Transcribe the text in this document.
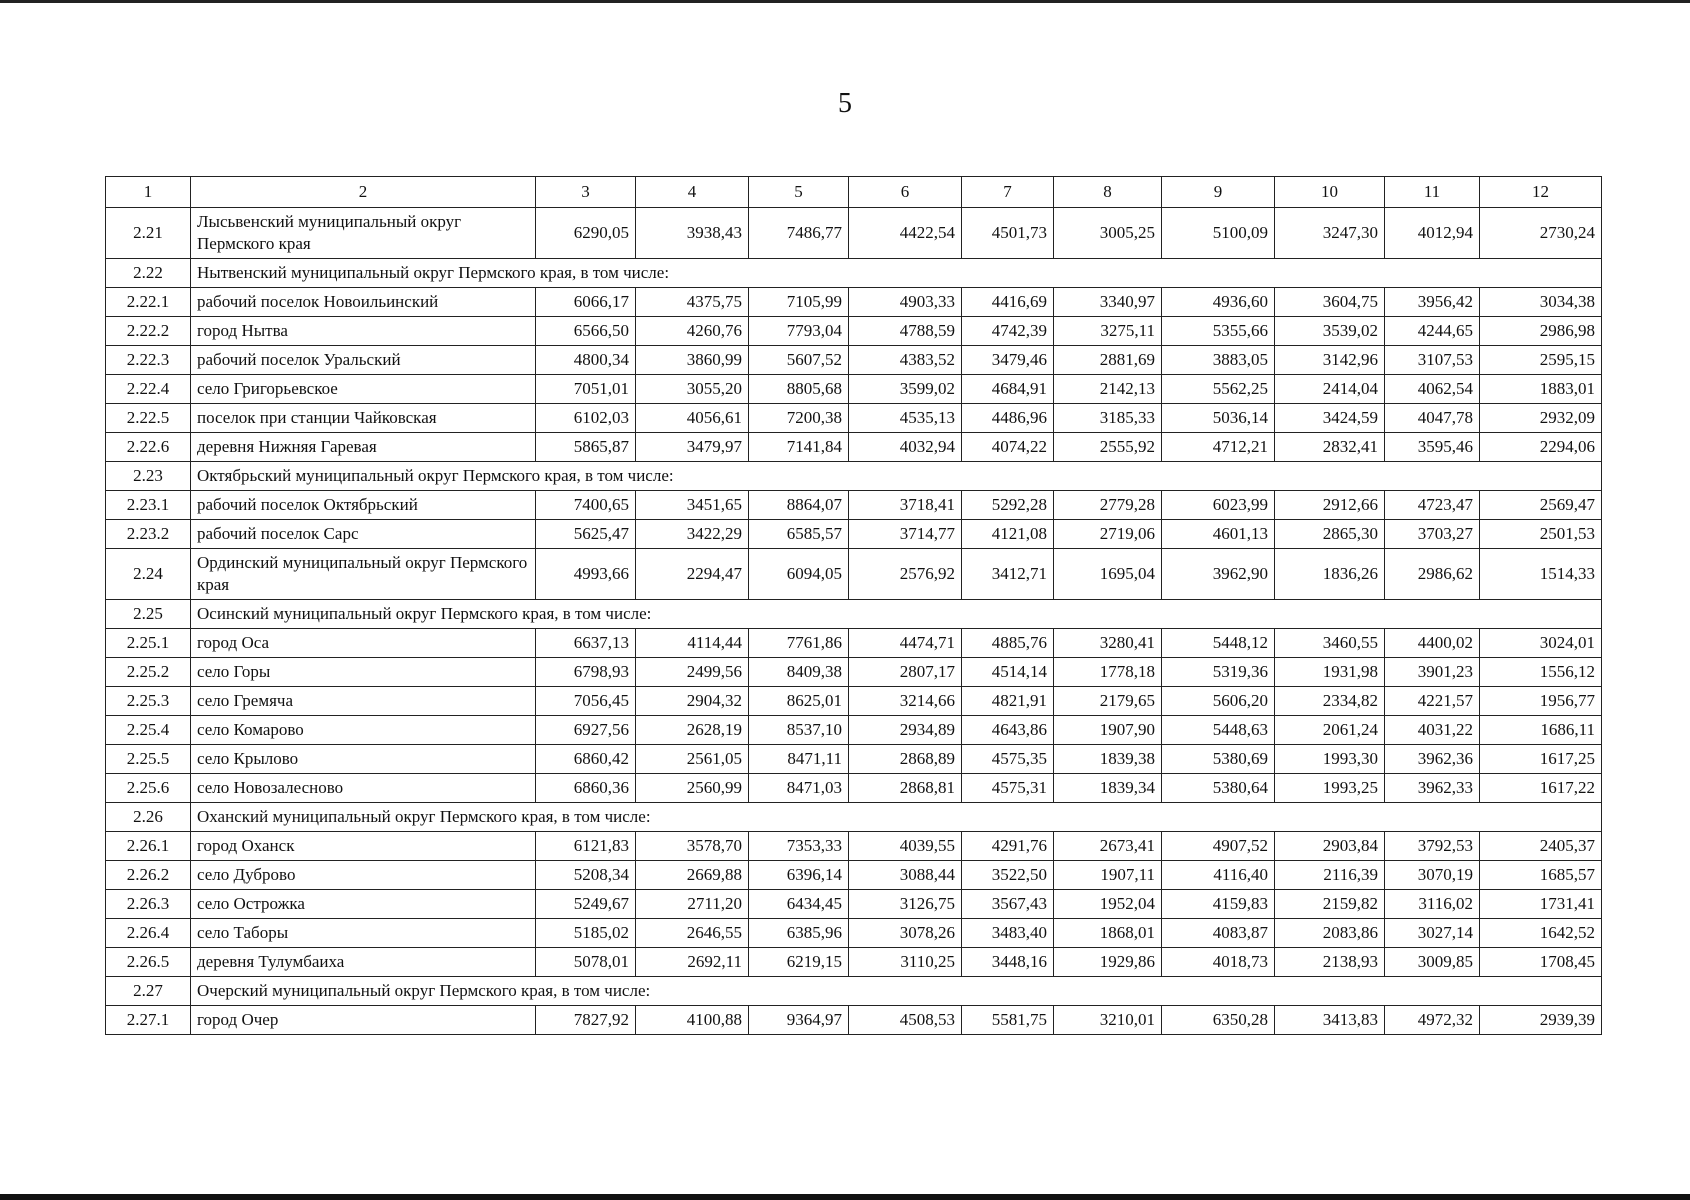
5
1	2	3	4	5	6	7	8	9	10	11	12
2.21	Лысьвенский муниципальный округ Пермского края	6290,05	3938,43	7486,77	4422,54	4501,73	3005,25	5100,09	3247,30	4012,94	2730,24
2.22	Нытвенский муниципальный округ Пермского края, в том числе:										
2.22.1	рабочий поселок Новоильинский	6066,17	4375,75	7105,99	4903,33	4416,69	3340,97	4936,60	3604,75	3956,42	3034,38
2.22.2	город Нытва	6566,50	4260,76	7793,04	4788,59	4742,39	3275,11	5355,66	3539,02	4244,65	2986,98
2.22.3	рабочий поселок Уральский	4800,34	3860,99	5607,52	4383,52	3479,46	2881,69	3883,05	3142,96	3107,53	2595,15
2.22.4	село Григорьевское	7051,01	3055,20	8805,68	3599,02	4684,91	2142,13	5562,25	2414,04	4062,54	1883,01
2.22.5	поселок при станции Чайковская	6102,03	4056,61	7200,38	4535,13	4486,96	3185,33	5036,14	3424,59	4047,78	2932,09
2.22.6	деревня Нижняя Гаревая	5865,87	3479,97	7141,84	4032,94	4074,22	2555,92	4712,21	2832,41	3595,46	2294,06
2.23	Октябрьский муниципальный округ Пермского края, в том числе:										
2.23.1	рабочий поселок Октябрьский	7400,65	3451,65	8864,07	3718,41	5292,28	2779,28	6023,99	2912,66	4723,47	2569,47
2.23.2	рабочий поселок Сарс	5625,47	3422,29	6585,57	3714,77	4121,08	2719,06	4601,13	2865,30	3703,27	2501,53
2.24	Ординский муниципальный округ Пермского края	4993,66	2294,47	6094,05	2576,92	3412,71	1695,04	3962,90	1836,26	2986,62	1514,33
2.25	Осинский муниципальный округ Пермского края, в том числе:										
2.25.1	город Оса	6637,13	4114,44	7761,86	4474,71	4885,76	3280,41	5448,12	3460,55	4400,02	3024,01
2.25.2	село Горы	6798,93	2499,56	8409,38	2807,17	4514,14	1778,18	5319,36	1931,98	3901,23	1556,12
2.25.3	село Гремяча	7056,45	2904,32	8625,01	3214,66	4821,91	2179,65	5606,20	2334,82	4221,57	1956,77
2.25.4	село Комарово	6927,56	2628,19	8537,10	2934,89	4643,86	1907,90	5448,63	2061,24	4031,22	1686,11
2.25.5	село Крылово	6860,42	2561,05	8471,11	2868,89	4575,35	1839,38	5380,69	1993,30	3962,36	1617,25
2.25.6	село Новозалесново	6860,36	2560,99	8471,03	2868,81	4575,31	1839,34	5380,64	1993,25	3962,33	1617,22
2.26	Оханский муниципальный округ Пермского края, в том числе:										
2.26.1	город Оханск	6121,83	3578,70	7353,33	4039,55	4291,76	2673,41	4907,52	2903,84	3792,53	2405,37
2.26.2	село Дуброво	5208,34	2669,88	6396,14	3088,44	3522,50	1907,11	4116,40	2116,39	3070,19	1685,57
2.26.3	село Острожка	5249,67	2711,20	6434,45	3126,75	3567,43	1952,04	4159,83	2159,82	3116,02	1731,41
2.26.4	село Таборы	5185,02	2646,55	6385,96	3078,26	3483,40	1868,01	4083,87	2083,86	3027,14	1642,52
2.26.5	деревня Тулумбаиха	5078,01	2692,11	6219,15	3110,25	3448,16	1929,86	4018,73	2138,93	3009,85	1708,45
2.27	Очерский муниципальный округ Пермского края, в том числе:										
2.27.1	город Очер	7827,92	4100,88	9364,97	4508,53	5581,75	3210,01	6350,28	3413,83	4972,32	2939,39
